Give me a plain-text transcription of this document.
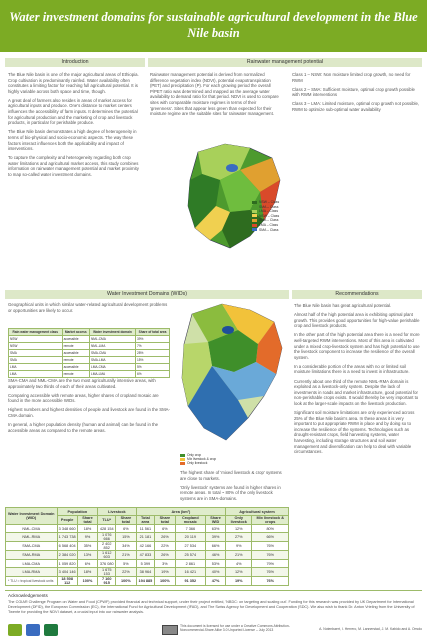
Water investment domains for sustainable agricultural development in the Blue Nile basin
Introduction

The Blue Nile basin is one of the major agricultural areas of Ethiopia. Crop cultivation is predominantly rainfed. Water availability often constitutes a limiting factor for reaching full agricultural potential. It is highly variable across both space and time, though.

A great deal of farmers also resides in areas of market access for agricultural inputs and produce. One's distance to market centers influences the accessibility of farm inputs. It determines the potential for agricultural production and the marketing of crop and livestock products, in particular for perishable produce.

The Blue Nile basin demonstrates a high degree of heterogeneity in terms of bio-physical and socio-economic aspects. The way these factors interact influences both the applicability and impact of interventions.

To capture the complexity and heterogeneity regarding both crop water limitations and agricultural market access, this study combines information on rainwater management potential and market proximity to map so-called water investment domains.

Rainwater management potential
Rainwater management potential is derived from normalized difference vegetation index (NDVI), potential evapotranspiration (PET) and precipitation (P). For each growing period the overall P/PET ratio was determined and mapped as the average water availability to demand ratio for that period. NDVI is used to compare sites with comparable moisture regimes in terms of their 'greenness'. Sites that appear less green than expected for their moisture regime are the suitable sites for rainwater management.
NSW – Class
SMA – Class
LMA – Class
NSW – Class
SMA – Class
LMA – Class
SMA – Class

Class 1 – NSW: Non moisture limited crop growth, no need for RWM

Class 2 – SMA: Sufficient moisture, optimal crop growth possible with RWM interventions

Class 3 – LMA: Limited moisture, optimal crop growth not possible, RWM to optimize sub-optimal water availability

Water Investment Domains (WIDs)
Geographical units in which similar water-related agricultural development problems or opportunities are likely to occur.
Rain water management class	Market access	Water investment domain	Share of total area
NSW	accessible	NML-CMA	39%
NSW	remote	NML-LMA	7%
SMA	accessible	SMA-CMA	28%
SMA	remote	SMA-LMA	15%
LMA	accessible	LMA-CMA	5%
LMA	remote	LMA-LMA	6%

SMA-CMA and NML-CMA are the two most agriculturally intensive areas, with approximately two thirds of each of their areas cultivated.

Comparing accessible with remote areas, higher shares of cropland mosaic are found in the more accessible WIDs.

Highest numbers and highest densities of people and livestock are found in the SMA-CMA domain.

In general, a higher population density (human and animal) can be found in the accessible areas as compared to the remote areas.

Only crop
Mix livestock & crop
Only livestock

The highest share of 'mixed livestock & crop' systems are close to markets.

'Only livestock' systems are found in higher shares in remote areas. In total ~ 80% of the only livestock systems are in SMA-domains.

Water Investment Domain (WID)	Population		Livestock		Area (km²)				Agricultural system	
	People	Share total	TLU*	Share total	Total area	Share total	Cropland mosaic	Share WID	Only livestock	Mix livestock & crops
NML-CMA	3 348 660	18%	428 154	6%	11 561	6%	7 366	63%	12%	80%
NML-RMA	1 743 738	9%	1 076 666	15%	21 181	26%	20 119	39%	27%	66%
SMA-CMA	6 568 404	35%	2 402 852	34%	42 166	22%	27 534	66%	9%	76%
SMA-RMA	2 384 020	13%	1 612 603	21%	47 833	26%	25 574	46%	21%	76%
LMA-CMA	1 059 820	6%	376 080	5%	5 399	3%	2 861	53%	4%	79%
LMA-RMA	3 404 146	18%	1 675 153	22%	38 964	19%	16 421	40%	12%	76%
	18 508 112	100%	7 160 915	100%	194 885	100%	91 352	47%	19%	76%
* TLU = tropical livestock units
Recommendations

The Blue Nile basin has great agricultural potential.

Almost half of the high potential area is exhibiting optimal plant growth. This provides good opportunities for high-value perishable crop and livestock products.

In the other part of the high potential area there is a need for more well-targeted RWM interventions. Most of this area is cultivated under a mixed crop-livestock system and has high potential to use the livestock component to increase the resilience of the overall system.

In a considerable portion of the areas with no or limited soil moisture limitations there is a need to invest in infrastructure.

Currently about one third of the remote NML-RMA domain is exploited as a livestock-only system. Despite the lack of investments in roads and market infrastructure, good potential for non-perishable crops exists. It would thereby be very important to look at the larger-scale impacts on the livestock production.

Significant soil moisture limitations are only experienced across 25% of the Blue Nile basin's area. In these areas it is very important to put appropriate RWM in place and by doing so to increase the resilience of the systems. Technologies such as drought-resistant crops, field harvesting systems, water harvesting, including storage structures and soil water management and diversification can help to deal with variable circumstances.

Acknowledgements
The CGIAR Challenge Program on Water and Food (CPWF) provided financial and technical support, under their project entitled, 'NBDC: on targeting and scaling out'. Funding for this research was provided by UK Department for International Development (DFID), the European Commission (EC), the International Fund for Agricultural Development (IFAD), and The Swiss Agency for Development and Cooperation (SDC). We also wish to thank Dr. Anton Vrieling from the University of Twente for providing the NDVI dataset, a crucial input into our rainwater analysis.
This document is licensed for use under a Creative Commons Attribution-Noncommercial-Share Alike 3.0 Unported License – July 2013	A. Notenbaert, I. Herrero, M. Lannerstad, J. M. Kabido and A. Omolo
